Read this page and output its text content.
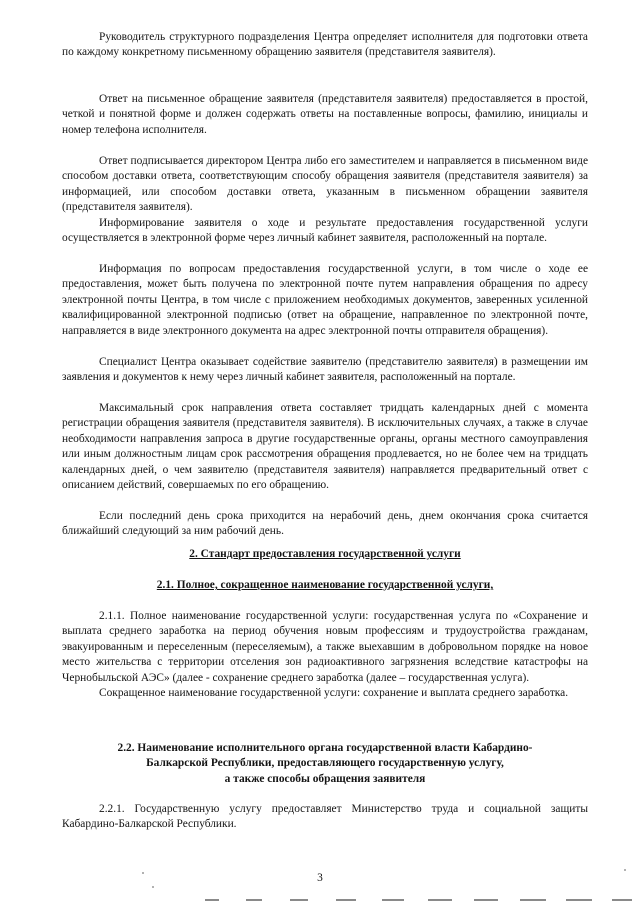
Руководитель структурного подразделения Центра определяет исполнителя для подготовки ответа по каждому конкретному письменному обращению заявителя (представителя заявителя).

Ответ на письменное обращение заявителя (представителя заявителя) предоставляется в простой, четкой и понятной форме и должен содержать ответы на поставленные вопросы, фамилию, инициалы и номер телефона исполнителя.

Ответ подписывается директором Центра либо его заместителем и направляется в письменном виде способом доставки ответа, соответствующим способу обращения заявителя (представителя заявителя) за информацией, или способом доставки ответа, указанным в письменном обращении заявителя (представителя заявителя).

Информирование заявителя о ходе и результате предоставления государственной услуги осуществляется в электронной форме через личный кабинет заявителя, расположенный на портале.

Информация по вопросам предоставления государственной услуги, в том числе о ходе ее предоставления, может быть получена по электронной почте путем направления обращения по адресу электронной почты Центра, в том числе с приложением необходимых документов, заверенных усиленной квалифицированной электронной подписью (ответ на обращение, направленное по электронной почте, направляется в виде электронного документа на адрес электронной почты отправителя обращения).

Специалист Центра оказывает содействие заявителю (представителю заявителя) в размещении им заявления и документов к нему через личный кабинет заявителя, расположенный на портале.

Максимальный срок направления ответа составляет тридцать календарных дней с момента регистрации обращения заявителя (представителя заявителя). В исключительных случаях, а также в случае необходимости направления запроса в другие государственные органы, органы местного самоуправления или иным должностным лицам срок рассмотрения обращения продлевается, но не более чем на тридцать календарных дней, о чем заявителю (представителя заявителя) направляется предварительный ответ с описанием действий, совершаемых по его обращению.

Если последний день срока приходится на нерабочий день, днем окончания срока считается ближайший следующий за ним рабочий день.

2. Стандарт предоставления государственной услуги

2.1. Полное, сокращенное наименование государственной услуги,

2.1.1. Полное наименование государственной услуги: государственная услуга по «Сохранение и выплата среднего заработка на период обучения новым профессиям и трудоустройства гражданам, эвакуированным и переселенным (переселяемым), а также выехавшим в добровольном порядке на новое место жительства с территории отселения зон радиоактивного загрязнения вследствие катастрофы на Чернобыльской АЭС» (далее - сохранение среднего заработка (далее – государственная услуга).

Сокращенное наименование государственной услуги: сохранение и выплата среднего заработка.

2.2. Наименование исполнительного органа государственной власти Кабардино-
Балкарской Республики, предоставляющего государственную услугу,
а также способы обращения заявителя

2.2.1. Государственную услугу предоставляет Министерство труда и социальной защиты Кабардино-Балкарской Республики.

3
